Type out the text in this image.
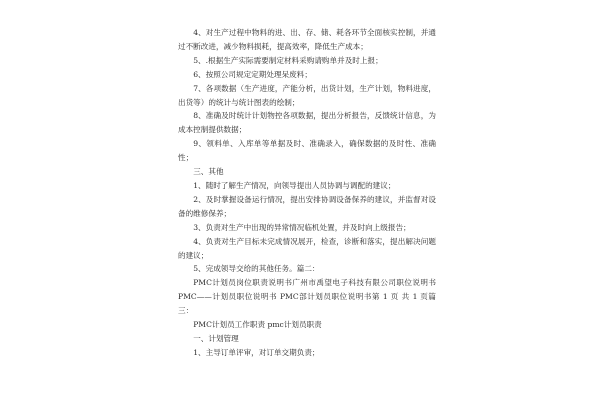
4、对生产过程中物料的进、出、存、储、耗各环节全面核实控制，并通过不断改进，减少物料损耗，提高效率，降低生产成本；

5、.根据生产实际需要制定材料采购请购单并及时上报；

6、按照公司规定定期处理呆废料；

7、各项数据（生产进度，产能分析，出货计划，生产计划，物料进度，出货等）的统计与统计图表的绘制；

8、准确及时统计计划物控各项数据，提出分析报告，反馈统计信息，为成本控制提供数据；

9、领料单、入库单等单据及时、准确录入，确保数据的及时性、准确性；

三、其他

1、随时了解生产情况，向领导提出人员协调与调配的建议；

2、及时掌握设备运行情况，提出安排协调设备保养的建议，并监督对设备的维修保养；

3、负责对生产中出现的异常情况临机处置，并及时向上级报告；

4、负责对生产目标未完成情况展开，检查，诊断和落实，提出解决问题的建议；

5、完成领导交给的其他任务。篇二：

PMC计划员岗位职责说明书广州市禹望电子科技有限公司职位说明书 PMC——计划员职位说明书 PMC部计划员职位说明书第 1 页 共 1 页篇三：

PMC计划员工作职责 pmc计划员职责

一、计划管理

1、主导订单评审，对订单交期负责；
